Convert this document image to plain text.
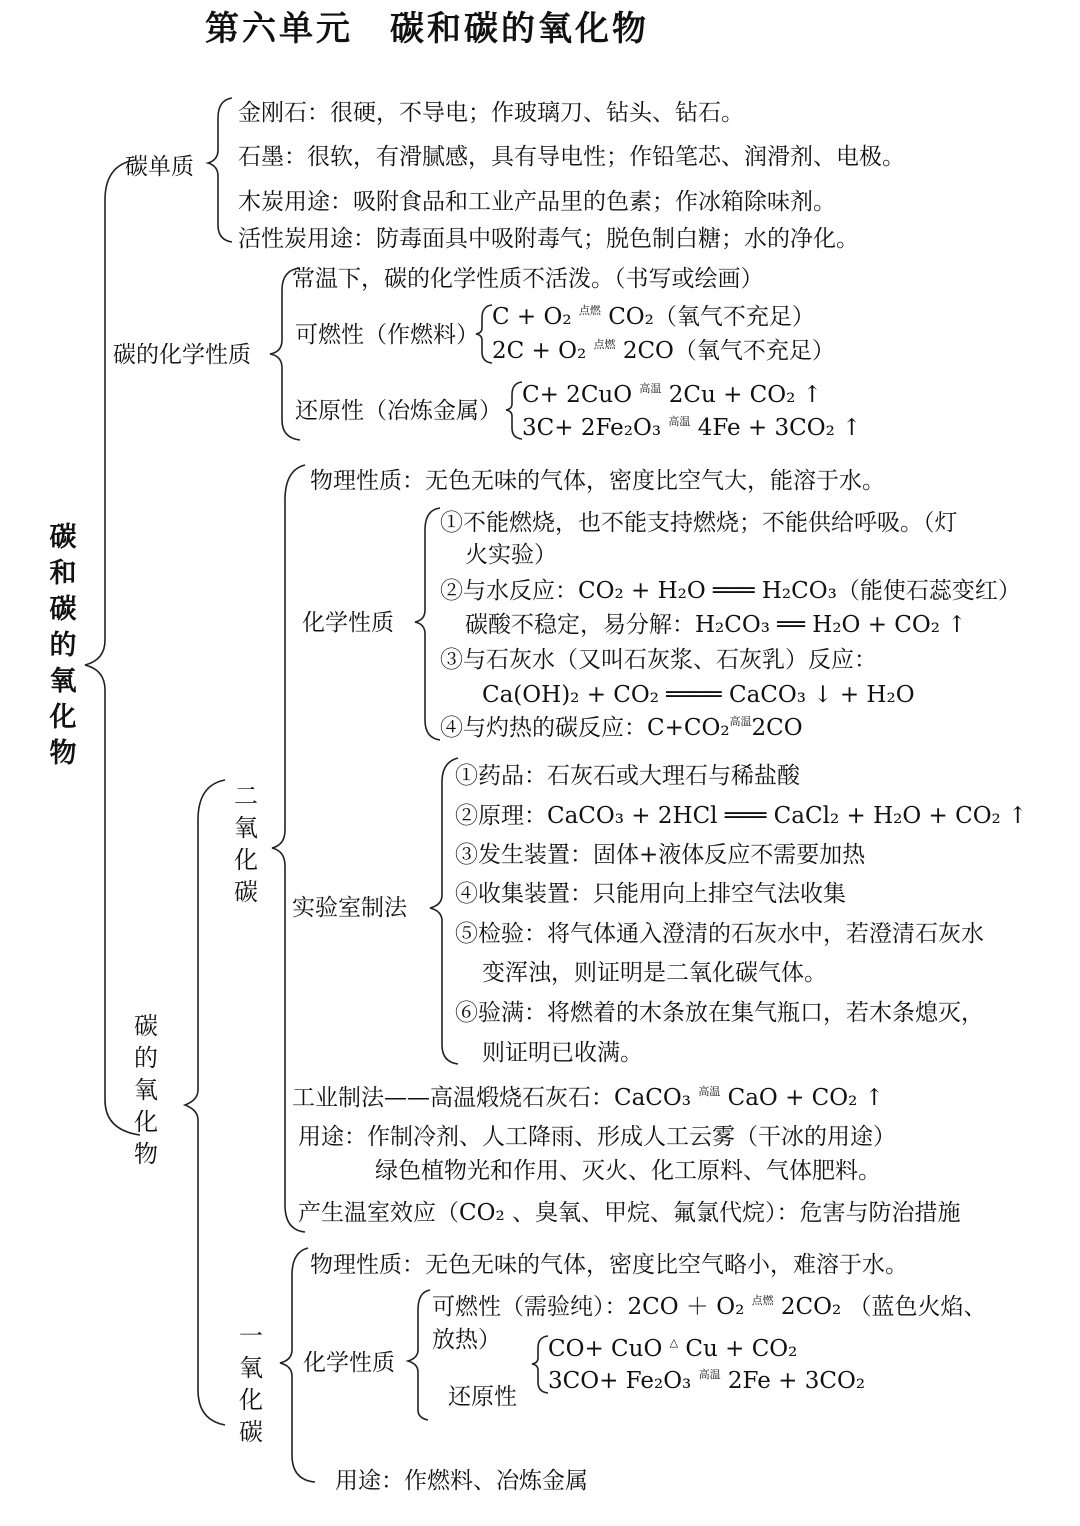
第六单元　碳和碳的氧化物
碳
和
碳
的
氧
化
物
碳单质
金刚石：很硬，不导电；作玻璃刀、钻头、钻石。
石墨：很软，有滑腻感，具有导电性；作铅笔芯、润滑剂、电极。
木炭用途：吸附食品和工业产品里的色素；作冰箱除味剂。
活性炭用途：防毒面具中吸附毒气；脱色制白糖；水的净化。
碳的化学性质
常温下，碳的化学性质不活泼。（书写或绘画）
可燃性（作燃料）
C + O₂ $^{点燃}$ CO₂（氧气不充足）
2C + O₂ $^{点燃}$ 2CO（氧气不充足）
还原性（冶炼金属）
C+ 2CuO $^{高温}$ 2Cu + CO₂ ↑
3C+ 2Fe₂O₃ $^{高温}$ 4Fe + 3CO₂ ↑
碳
的
氧
化
物
二
氧
化
碳
物理性质：无色无味的气体，密度比空气大，能溶于水。
化学性质
①不能燃烧，也不能支持燃烧；不能供给呼吸。（灯
火实验）
②与水反应：CO₂ + H₂O ═══ H₂CO₃（能使石蕊变红）
碳酸不稳定，易分解：H₂CO₃ ══ H₂O + CO₂ ↑
③与石灰水（又叫石灰浆、石灰乳）反应：
Ca(OH)₂ + CO₂ ════ CaCO₃ ↓ + H₂O
④与灼热的碳反应：C+CO₂$^{高温}$2CO
实验室制法
①药品：石灰石或大理石与稀盐酸
②原理：CaCO₃ + 2HCl ═══ CaCl₂ + H₂O + CO₂ ↑
③发生装置：固体+液体反应不需要加热
④收集装置：只能用向上排空气法收集
⑤检验：将气体通入澄清的石灰水中，若澄清石灰水
变浑浊，则证明是二氧化碳气体。
⑥验满：将燃着的木条放在集气瓶口，若木条熄灭，
则证明已收满。
工业制法——高温煅烧石灰石：CaCO₃ $^{高温}$ CaO + CO₂ ↑
用途：作制冷剂、人工降雨、形成人工云雾（干冰的用途）
绿色植物光和作用、灭火、化工原料、气体肥料。
产生温室效应（CO₂ 、臭氧、甲烷、氟氯代烷）：危害与防治措施
一
氧
化
碳
物理性质：无色无味的气体，密度比空气略小，难溶于水。
化学性质
可燃性（需验纯）：2CO ＋ O₂ $^{点燃}$ 2CO₂ （蓝色火焰、
放热）
还原性
CO+ CuO △ Cu + CO₂
3CO+ Fe₂O₃ $^{高温}$ 2Fe + 3CO₂
用途：作燃料、冶炼金属
